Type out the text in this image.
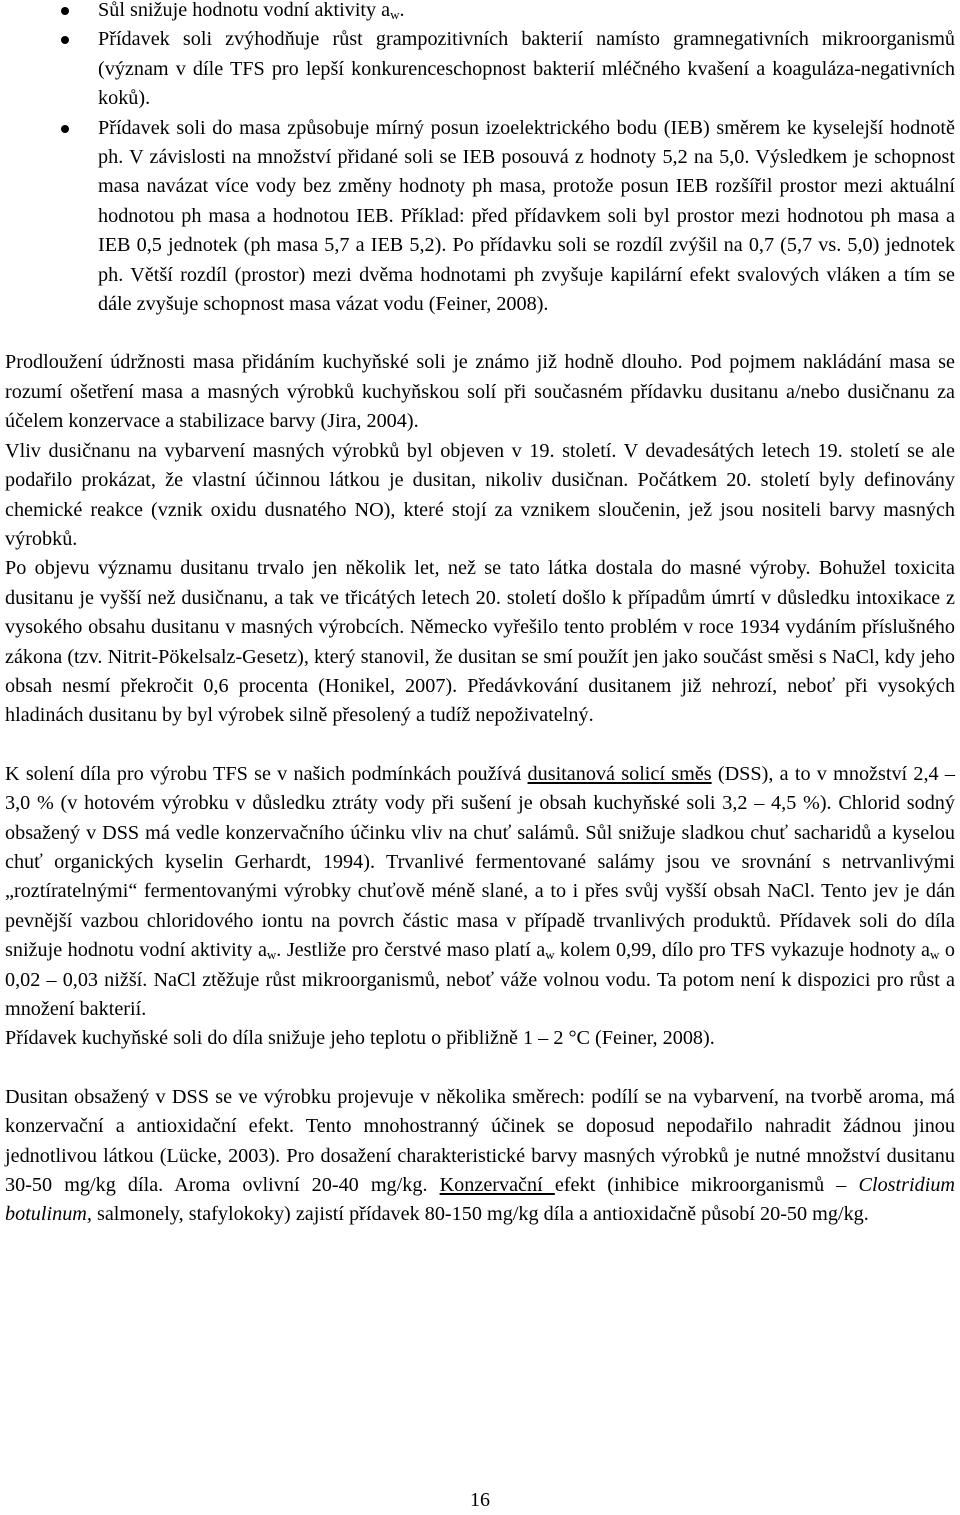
Sůl snižuje hodnotu vodní aktivity $a_w$.
Přídavek soli zvýhodňuje růst grampozitivních bakterií namísto gramnegativních mikroorganismů (význam v díle TFS pro lepší konkurenceschopnost bakterií mléčného kvašení a koaguláza-negativních koků).
Přídavek soli do masa způsobuje mírný posun izoelektrického bodu (IEB) směrem ke kyselejší hodnotě ph. V závislosti na množství přidané soli se IEB posouvá z hodnoty 5,2 na 5,0. Výsledkem je schopnost masa navázat více vody bez změny hodnoty ph masa, protože posun IEB rozšířil prostor mezi aktuální hodnotou ph masa a hodnotou IEB. Příklad: před přídavkem soli byl prostor mezi hodnotou ph masa a IEB 0,5 jednotek (ph masa 5,7 a IEB 5,2). Po přídavku soli se rozdíl zvýšil na 0,7 (5,7 vs. 5,0) jednotek ph. Větší rozdíl (prostor) mezi dvěma hodnotami ph zvyšuje kapilární efekt svalových vláken a tím se dále zvyšuje schopnost masa vázat vodu (Feiner, 2008).

Prodloužení údržnosti masa přidáním kuchyňské soli je známo již hodně dlouho. Pod pojmem nakládání masa se rozumí ošetření masa a masných výrobků kuchyňskou solí při současném přídavku dusitanu a/nebo dusičnanu za účelem konzervace a stabilizace barvy (Jira, 2004).

Vliv dusičnanu na vybarvení masných výrobků byl objeven v 19. století. V devadesátých letech 19. století se ale podařilo prokázat, že vlastní účinnou látkou je dusitan, nikoliv dusičnan. Počátkem 20. století byly definovány chemické reakce (vznik oxidu dusnatého NO), které stojí za vznikem sloučenin, jež jsou nositeli barvy masných výrobků.

Po objevu významu dusitanu trvalo jen několik let, než se tato látka dostala do masné výroby. Bohužel toxicita dusitanu je vyšší než dusičnanu, a tak ve třicátých letech 20. století došlo k případům úmrtí v důsledku intoxikace z vysokého obsahu dusitanu v masných výrobcích. Německo vyřešilo tento problém v roce 1934 vydáním příslušného zákona (tzv. Nitrit-Pökelsalz-Gesetz), který stanovil, že dusitan se smí použít jen jako součást směsi s NaCl, kdy jeho obsah nesmí překročit 0,6 procenta (Honikel, 2007). Předávkování dusitanem již nehrozí, neboť při vysokých hladinách dusitanu by byl výrobek silně přesolený a tudíž nepoživatelný.

K solení díla pro výrobu TFS se v našich podmínkách používá dusitanová solicí směs (DSS), a to v množství 2,4 – 3,0 % (v hotovém výrobku v důsledku ztráty vody při sušení je obsah kuchyňské soli 3,2 – 4,5 %). Chlorid sodný obsažený v DSS má vedle konzervačního účinku vliv na chuť salámů. Sůl snižuje sladkou chuť sacharidů a kyselou chuť organických kyselin Gerhardt, 1994). Trvanlivé fermentované salámy jsou ve srovnání s netrvanlivými „roztíratelnými“ fermentovanými výrobky chuťově méně slané, a to i přes svůj vyšší obsah NaCl. Tento jev je dán pevnější vazbou chloridového iontu na povrch částic masa v případě trvanlivých produktů. Přídavek soli do díla snižuje hodnotu vodní aktivity $a_w$. Jestliže pro čerstvé maso platí $a_w$ kolem 0,99, dílo pro TFS vykazuje hodnoty $a_w$ o 0,02 – 0,03 nižší. NaCl ztěžuje růst mikroorganismů, neboť váže volnou vodu. Ta potom není k dispozici pro růst a množení bakterií.

Přídavek kuchyňské soli do díla snižuje jeho teplotu o přibližně 1 – 2 °C (Feiner, 2008).

Dusitan obsažený v DSS se ve výrobku projevuje v několika směrech: podílí se na vybarvení, na tvorbě aroma, má konzervační a antioxidační efekt. Tento mnohostranný účinek se doposud nepodařilo nahradit žádnou jinou jednotlivou látkou (Lücke, 2003). Pro dosažení charakteristické barvy masných výrobků je nutné množství dusitanu 30-50 mg/kg díla. Aroma ovlivní 20-40 mg/kg. Konzervační efekt (inhibice mikroorganismů – Clostridium botulinum, salmonely, stafylokoky) zajistí přídavek 80-150 mg/kg díla a antioxidačně působí 20-50 mg/kg.

16
